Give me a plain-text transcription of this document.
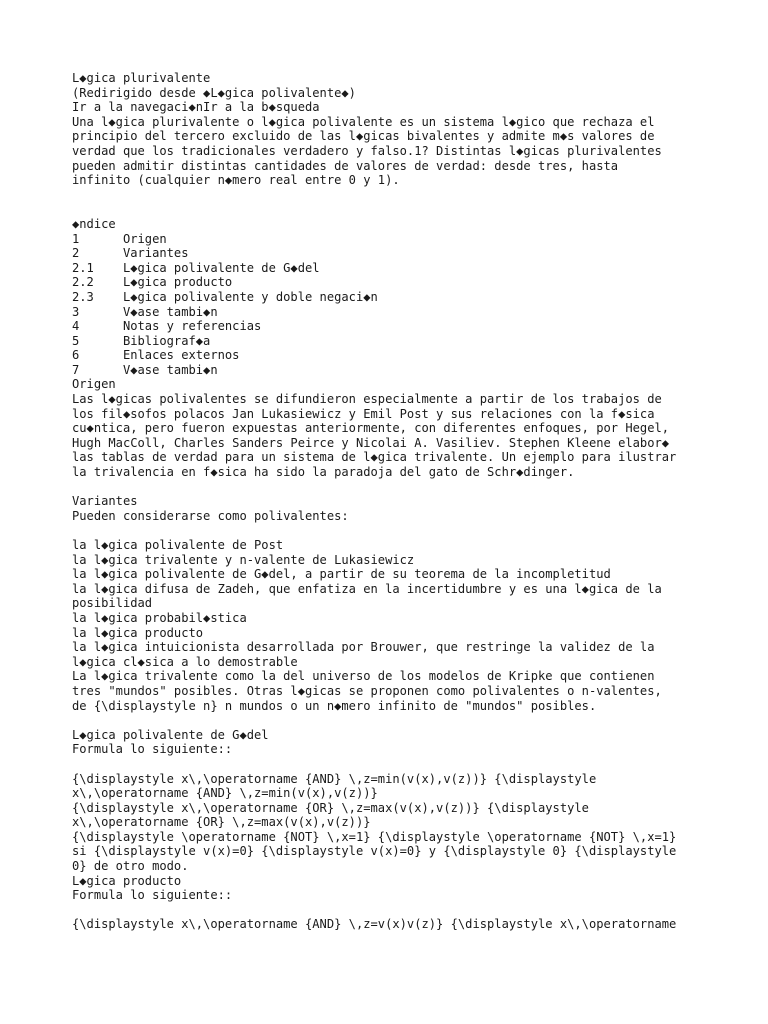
L◆gica plurivalente
(Redirigido desde ◆L◆gica polivalente◆)
Ir a la navegaci◆nIr a la b◆squeda
Una l◆gica plurivalente o l◆gica polivalente es un sistema l◆gico que rechaza el
principio del tercero excluido de las l◆gicas bivalentes y admite m◆s valores de
verdad que los tradicionales verdadero y falso.1? Distintas l◆gicas plurivalentes
pueden admitir distintas cantidades de valores de verdad: desde tres, hasta
infinito (cualquier n◆mero real entre 0 y 1).
◆ndice
1      Origen
2      Variantes
2.1    L◆gica polivalente de G◆del
2.2    L◆gica producto
2.3    L◆gica polivalente y doble negaci◆n
3      V◆ase tambi◆n
4      Notas y referencias
5      Bibliograf◆a
6      Enlaces externos
7      V◆ase tambi◆n
Origen
Las l◆gicas polivalentes se difundieron especialmente a partir de los trabajos de
los fil◆sofos polacos Jan Lukasiewicz y Emil Post y sus relaciones con la f◆sica
cu◆ntica, pero fueron expuestas anteriormente, con diferentes enfoques, por Hegel,
Hugh MacColl, Charles Sanders Peirce y Nicolai A. Vasiliev. Stephen Kleene elabor◆
las tablas de verdad para un sistema de l◆gica trivalente. Un ejemplo para ilustrar
la trivalencia en f◆sica ha sido la paradoja del gato de Schr◆dinger.
Variantes
Pueden considerarse como polivalentes:
la l◆gica polivalente de Post
la l◆gica trivalente y n-valente de Lukasiewicz
la l◆gica polivalente de G◆del, a partir de su teorema de la incompletitud
la l◆gica difusa de Zadeh, que enfatiza en la incertidumbre y es una l◆gica de la
posibilidad
la l◆gica probabil◆stica
la l◆gica producto
la l◆gica intuicionista desarrollada por Brouwer, que restringe la validez de la
l◆gica cl◆sica a lo demostrable
La l◆gica trivalente como la del universo de los modelos de Kripke que contienen
tres "mundos" posibles. Otras l◆gicas se proponen como polivalentes o n-valentes,
de {\displaystyle n} n mundos o un n◆mero infinito de "mundos" posibles.
L◆gica polivalente de G◆del
Formula lo siguiente::
{\displaystyle x\,\operatorname {AND} \,z=min(v(x),v(z))} {\displaystyle
x\,\operatorname {AND} \,z=min(v(x),v(z))}
{\displaystyle x\,\operatorname {OR} \,z=max(v(x),v(z))} {\displaystyle
x\,\operatorname {OR} \,z=max(v(x),v(z))}
{\displaystyle \operatorname {NOT} \,x=1} {\displaystyle \operatorname {NOT} \,x=1}
si {\displaystyle v(x)=0} {\displaystyle v(x)=0} y {\displaystyle 0} {\displaystyle
0} de otro modo.
L◆gica producto
Formula lo siguiente::
{\displaystyle x\,\operatorname {AND} \,z=v(x)v(z)} {\displaystyle x\,\operatorname
